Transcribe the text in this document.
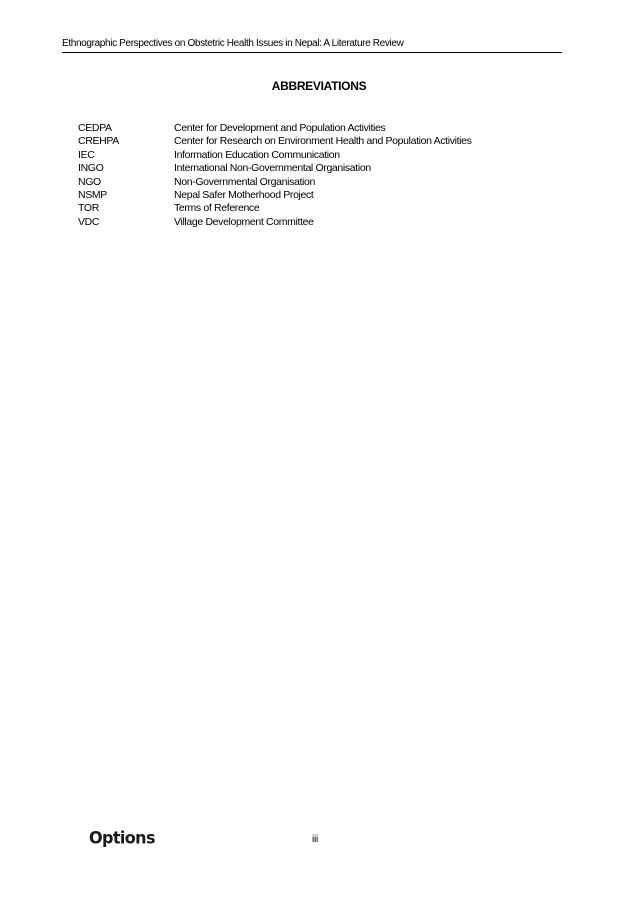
Ethnographic Perspectives on Obstetric Health Issues in Nepal: A Literature Review
ABBREVIATIONS
CEDPA	Center for Development and Population Activities
CREHPA	Center for Research on Environment Health and Population Activities
IEC	Information Education Communication
INGO	International Non-Governmental Organisation
NGO	Non-Governmental Organisation
NSMP	Nepal Safer Motherhood Project
TOR	Terms of Reference
VDC	Village Development Committee
Options	iii
